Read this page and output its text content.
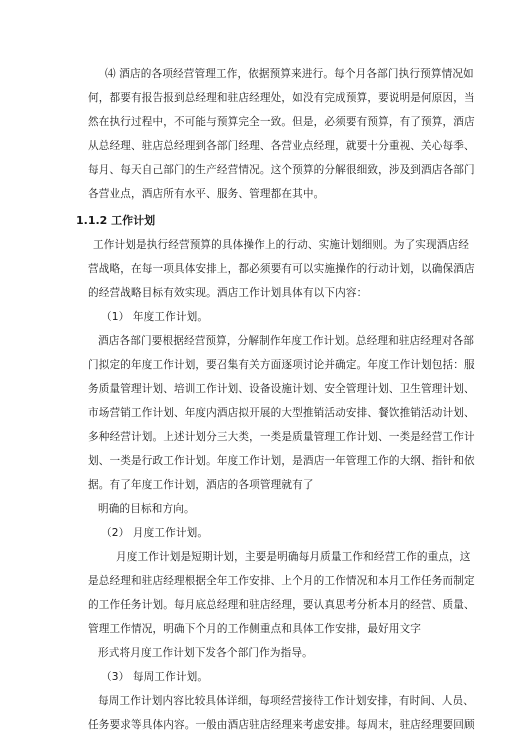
⑷ 酒店的各项经营管理工作，依据预算来进行。每个月各部门执行预算情况如
何，都要有报告报到总经理和驻店经理处，如没有完成预算，要说明是何原因，当
然在执行过程中，不可能与预算完全一致。但是，必须要有预算，有了预算，酒店
从总经理、驻店总经理到各部门经理、各营业点经理，就要十分重视、关心每季、
每月、每天自己部门的生产经营情况。这个预算的分解很细致，涉及到酒店各部门
各营业点，酒店所有水平、服务、管理都在其中。
1.1.2 工作计划
工作计划是执行经营预算的具体操作上的行动、实施计划细则。为了实现酒店经
营战略，在每一项具体安排上，都必须要有可以实施操作的行动计划，以确保酒店
的经营战略目标有效实现。酒店工作计划具体有以下内容：
（1） 年度工作计划。
酒店各部门要根据经营预算，分解制作年度工作计划。总经理和驻店经理对各部
门拟定的年度工作计划，要召集有关方面逐项讨论并确定。年度工作计划包括：服
务质量管理计划、培训工作计划、设备设施计划、安全管理计划、卫生管理计划、
市场营销工作计划、年度内酒店拟开展的大型推销活动安排、餐饮推销活动计划、
多种经营计划。上述计划分三大类，一类是质量管理工作计划、一类是经营工作计
划、一类是行政工作计划。年度工作计划，是酒店一年管理工作的大纲、指针和依
据。有了年度工作计划，酒店的各项管理就有了
明确的目标和方向。
（2） 月度工作计划。
月度工作计划是短期计划，主要是明确每月质量工作和经营工作的重点，这
是总经理和驻店经理根据全年工作安排、上个月的工作情况和本月工作任务而制定
的工作任务计划。每月底总经理和驻店经理，要认真思考分析本月的经营、质量、
管理工作情况，明确下个月的工作侧重点和具体工作安排，最好用文字
形式将月度工作计划下发各个部门作为指导。
（3） 每周工作计划。
每周工作计划内容比较具体详细，每项经营接待工作计划安排，有时间、人员、
任务要求等具体内容。一般由酒店驻店经理来考虑安排。每周末，驻店经理要回顾
